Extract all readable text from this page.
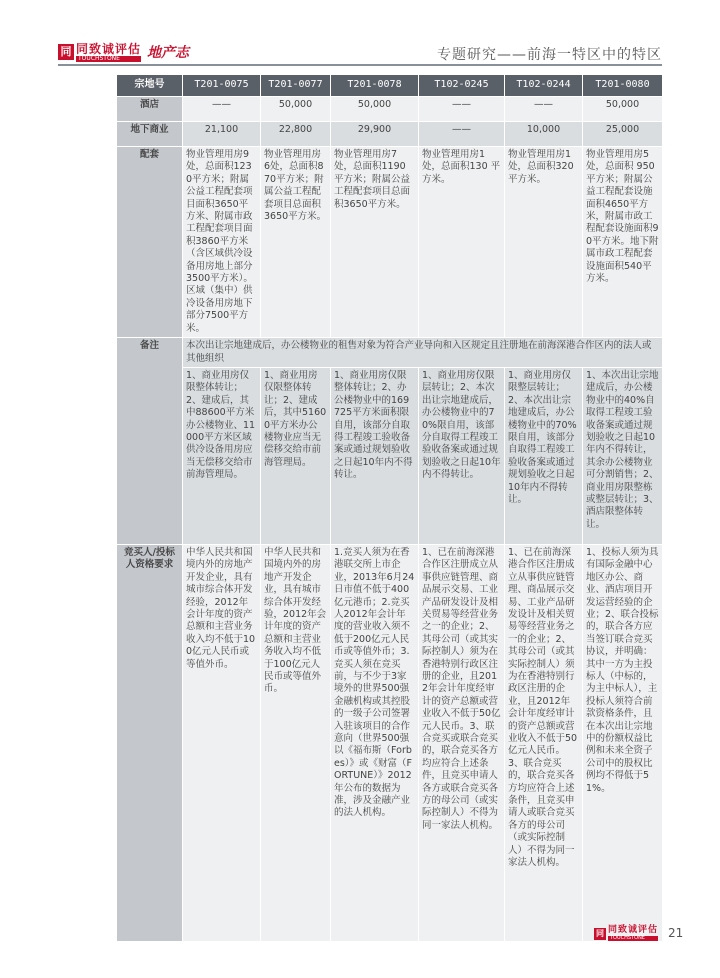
同 同致诚评估
TOUCHSTONE	地产志	专题研究——前海一特区中的特区
宗地号	T201-0075	T201-0077	T201-0078	T102-0245	T102-0244	T201-0080
酒店	——	50,000	50,000	——	——	50,000
地下商业	21,100	22,800	29,900	——	10,000	25,000
配套	物业管理用房9处，总面积1230平方米；附属公益工程配套项目面积3650平方米、附属市政工程配套项目面积3860平方米（含区域供冷设备用房地上部分3500平方米）。区域（集中）供冷设备用房地下部分7500平方米。	物业管理用房6处，总面积870平方米；附属公益工程配套项目总面积 3650平方米。	物业管理用房7处，总面积1190平方米；附属公益工程配套项目总面积3650平方米。	物业管理用房1处，总面积130 平方米。	物业管理用房1处，总面积320 平方米。	物业管理用房5处，总面积 950平方米；附属公益工程配套设施面积4650平方米，附属市政工程配套设施面积90平方米。地下附属市政工程配套设施面积540平方米。
备注	本次出让宗地建成后，办公楼物业的租售对象为符合产业导向和入区规定且注册地在前海深港合作区内的法人或其他组织					
	1、商业用房仅限整体转让；2、建成后，其中88600平方米办公楼物业、11000平方米区域供冷设备用房应当无偿移交给市前海管理局。	1、商业用房仅限整体转让；2、建成后，其中51600平方米办公楼物业应当无偿移交给市前海管理局。	1、商业用房仅限整体转让；2、办公楼物业中的169725平方米面积限自用，该部分自取得工程竣工验收备案或通过规划验收之日起10年内不得转让。	1、商业用房仅限层转让；2、本次出让宗地建成后，办公楼物业中的70%限自用，该部分自取得工程竣工验收备案或通过规划验收之日起10年内不得转让。	1、商业用房仅限整层转让；2、本次出让宗地建成后，办公楼物业中的70%限自用，该部分自取得工程竣工验收备案或通过规划验收之日起10年内不得转让。	1、本次出让宗地建成后，办公楼物业中的40%自取得工程竣工验收备案或通过规划验收之日起10年内不得转让，其余办公楼物业可分割销售；2、商业用房限整栋或整层转让；3、酒店限整体转让。
竞买人/投标人资格要求	中华人民共和国境内外的房地产开发企业，具有城市综合体开发经验，2012年会计年度的资产总额和主营业务收入均不低于100亿元人民币或等值外币。	中华人民共和国境内外的房地产开发企业，具有城市综合体开发经验，2012年会计年度的资产总额和主营业务收入均不低于100亿元人民币或等值外币。	1.竞买人须为在香港联交所上市企业，2013年6月24日市值不低于400亿元港币；2.竞买人2012年会计年度的营业收入须不低于200亿元人民币或等值外币；3.竞买人须在竞买前，与不少于3家境外的世界500强金融机构或其控股的一级子公司签署入驻该项目的合作意向（世界500强以《福布斯（Forbes）》或《财富（FORTUNE）》2012年公布的数据为准，涉及金融产业的法人机构。	1、已在前海深港合作区注册成立从事供应链管理、商品展示交易、工业产品研发设计及相关贸易等经营业务之一的企业；2、其母公司（或其实际控制人）须为在香港特别行政区注册的企业，且2012年会计年度经审计的资产总额或营业收入不低于50亿元人民币。3、联合竞买或联合竞买的，联合竞买各方均应符合上述条件，且竞买申请人各方或联合竞买各方的母公司（或实际控制人）不得为同一家法人机构。	1、已在前海深港合作区注册成立从事供应链管理、商品展示交易、工业产品研发设计及相关贸易等经营业务之一的企业；2、其母公司（或其实际控制人）须为在香港特别行政区注册的企业，且2012年会计年度经审计的资产总额或营业收入不低于50亿元人民币。3、联合竞买的，联合竞买各方均应符合上述条件，且竞买申请人或联合竞买各方的母公司（或实际控制人）不得为同一家法人机构。	1、投标人须为具有国际金融中心地区办公、商业、酒店项目开发运营经验的企业；2、联合投标的，联合各方应当签订联合竞买协议，并明确：其中一方为主投标人（中标的，为主中标人），主投标人须符合前款资格条件，且在本次出让宗地中的份额权益比例和未来全资子公司中的股权比例均不得低于51%。
同 同致诚评估
TOUCHSTONE	21
